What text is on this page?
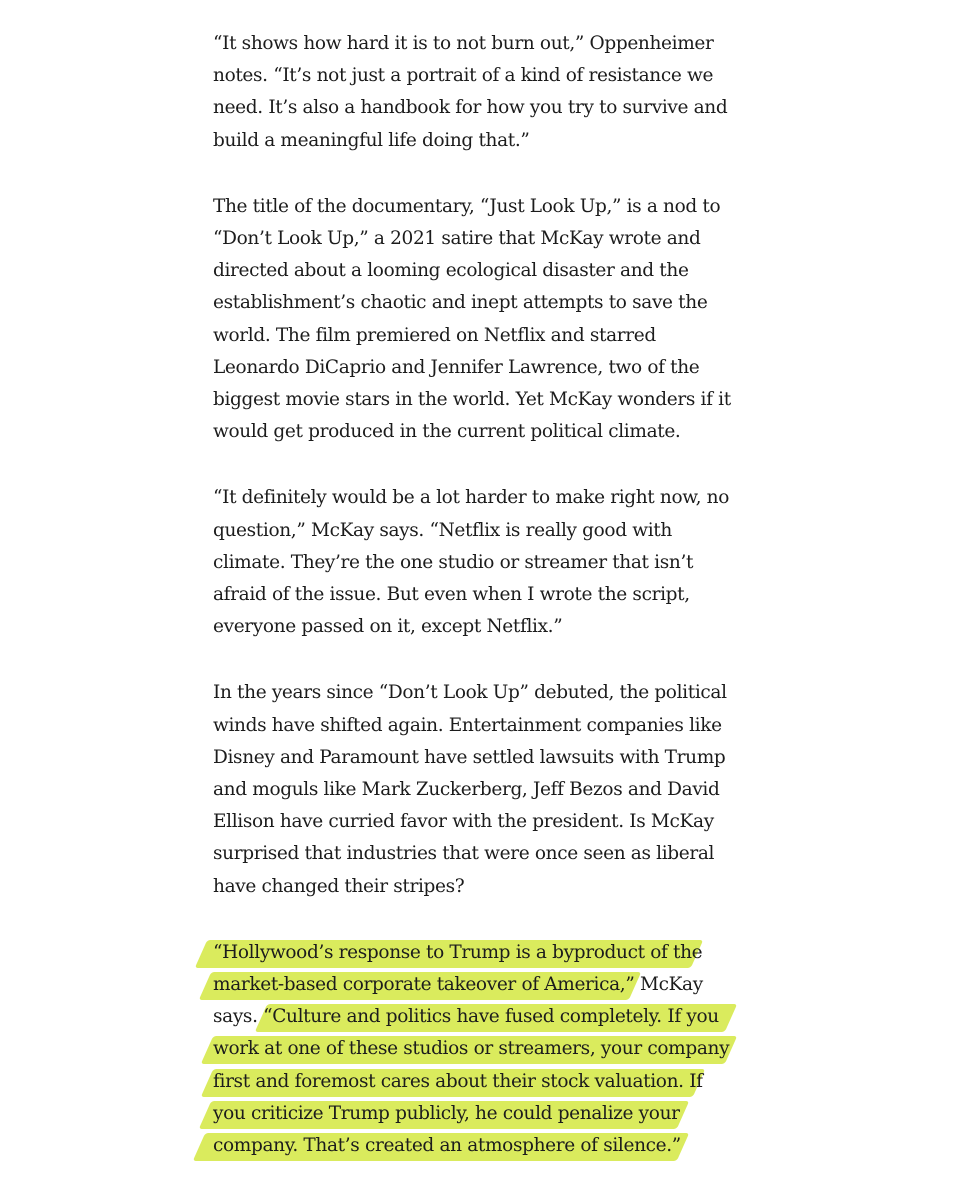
“It shows how hard it is to not burn out,” Oppenheimer
notes. “It’s not just a portrait of a kind of resistance we
need. It’s also a handbook for how you try to survive and
build a meaningful life doing that.”

The title of the documentary, “Just Look Up,” is a nod to
“Don’t Look Up,” a 2021 satire that McKay wrote and
directed about a looming ecological disaster and the
establishment’s chaotic and inept attempts to save the
world. The film premiered on Netflix and starred
Leonardo DiCaprio and Jennifer Lawrence, two of the
biggest movie stars in the world. Yet McKay wonders if it
would get produced in the current political climate.

“It definitely would be a lot harder to make right now, no
question,” McKay says. “Netflix is really good with
climate. They’re the one studio or streamer that isn’t
afraid of the issue. But even when I wrote the script,
everyone passed on it, except Netflix.”

In the years since “Don’t Look Up” debuted, the political
winds have shifted again. Entertainment companies like
Disney and Paramount have settled lawsuits with Trump
and moguls like Mark Zuckerberg, Jeff Bezos and David
Ellison have curried favor with the president. Is McKay
surprised that industries that were once seen as liberal
have changed their stripes?

“Hollywood’s response to Trump is a byproduct of the
market-based corporate takeover of America,” McKay
says. “Culture and politics have fused completely. If you
work at one of these studios or streamers, your company
first and foremost cares about their stock valuation. If
you criticize Trump publicly, he could penalize your
company. That’s created an atmosphere of silence.”
